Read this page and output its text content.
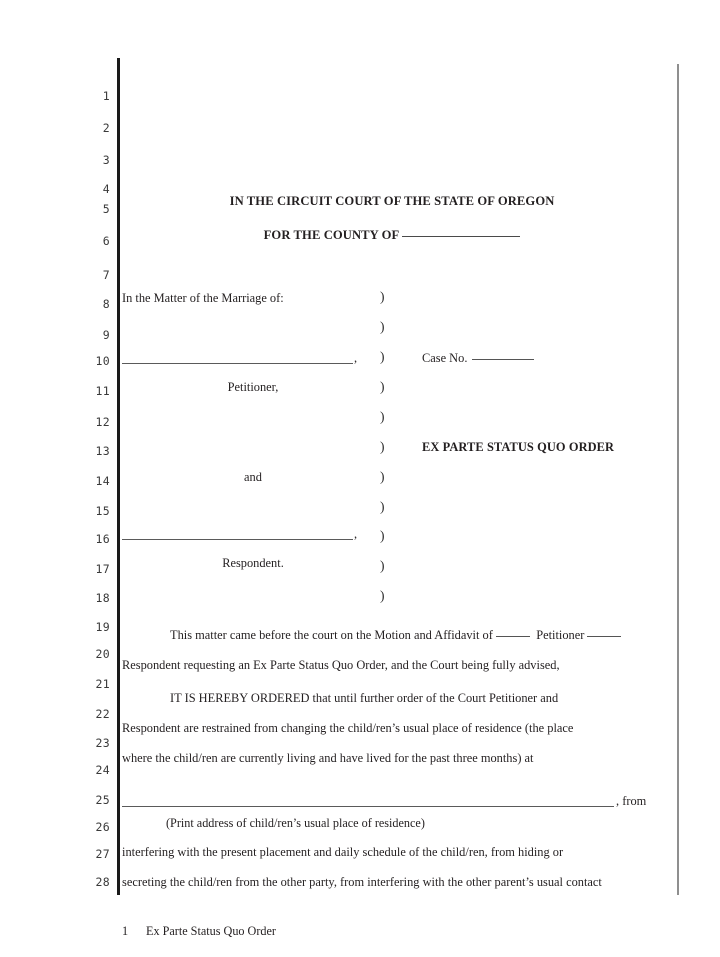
1
2
3
4
5
6
7
8
9
10
11
12
13
14
15
16
17
18
19
20
21
22
23
24
25
26
27
28
IN THE CIRCUIT COURT OF THE STATE OF OREGON
FOR THE COUNTY OF
In the Matter of the Marriage of:	)
)
)
)
)
)
)
)
)
)
)
,
Petitioner,
Case No.
EX PARTE STATUS QUO ORDER
and
,
Respondent.
This matter came before the court on the Motion and Affidavit of	Petitioner
Respondent requesting an Ex Parte Status Quo Order, and the Court being fully advised,
IT IS HEREBY ORDERED that until further order of the Court Petitioner and
Respondent are restrained from changing the child/ren’s usual place of residence (the place
where the child/ren are currently living and have lived for the past three months) at
, from
(Print address of child/ren’s usual place of residence)
interfering with the present placement and daily schedule of the child/ren, from hiding or
secreting the child/ren from the other party, from interfering with the other parent’s usual contact
1 Ex Parte Status Quo Order
